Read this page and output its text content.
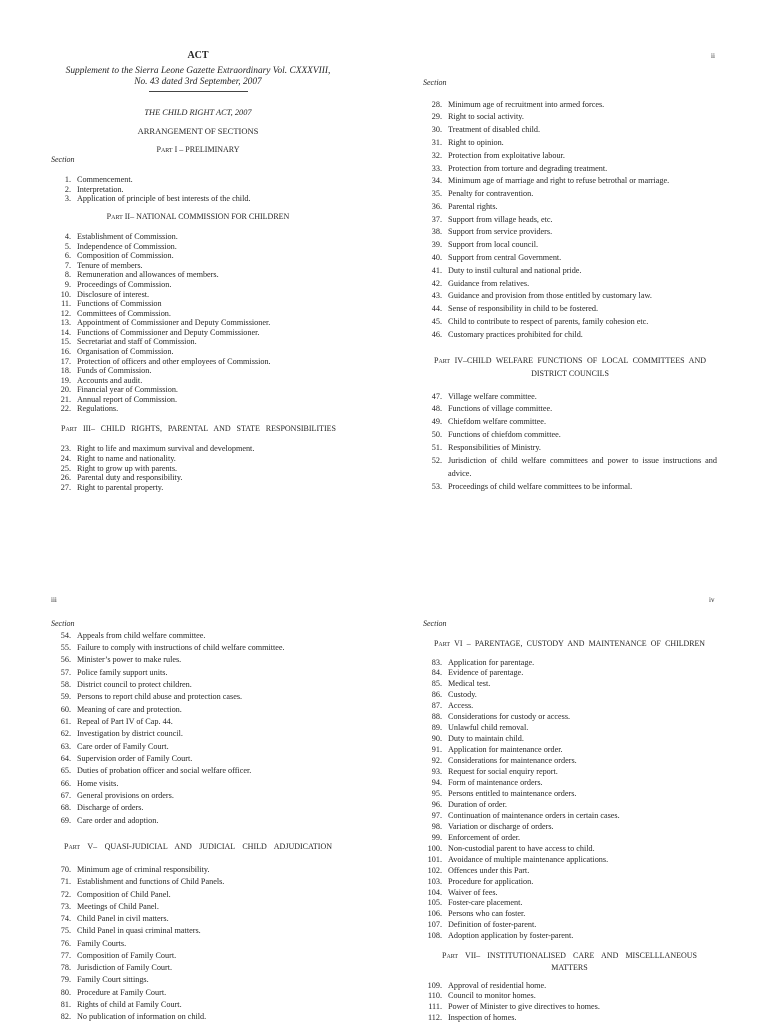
ACT
Supplement to the Sierra Leone Gazette Extraordinary Vol. CXXXVIII,
No. 43 dated 3rd September, 2007
THE CHILD RIGHT ACT, 2007
ARRANGEMENT OF SECTIONS
Part I – PRELIMINARY
Section
1. Commencement.
2. Interpretation.
3. Application of principle of best interests of the child.
Part II– NATIONAL COMMISSION FOR CHILDREN
4. Establishment of Commission.
5. Independence of Commission.
6. Composition of Commission.
7. Tenure of members.
8. Remuneration and allowances of members.
9. Proceedings of Commission.
10. Disclosure of interest.
11. Functions of Commission
12. Committees of Commission.
13. Appointment of Commissioner and Deputy Commissioner.
14. Functions of Commissioner and Deputy Commissioner.
15. Secretariat and staff of Commission.
16. Organisation of Commission.
17. Protection of officers and other employees of Commission.
18. Funds of Commission.
19. Accounts and audit.
20. Financial year of Commission.
21. Annual report of Commission.
22. Regulations.
Part III– CHILD RIGHTS, PARENTAL AND STATE RESPONSIBILITIES
23. Right to life and maximum survival and development.
24. Right to name and nationality.
25. Right to grow up with parents.
26. Parental duty and responsibility.
27. Right to parental property.
ii
Section
28. Minimum age of recruitment into armed forces.
29. Right to social activity.
30. Treatment of disabled child.
31. Right to opinion.
32. Protection from exploitative labour.
33. Protection from torture and degrading treatment.
34. Minimum age of marriage and right to refuse betrothal or marriage.
35. Penalty for contravention.
36. Parental rights.
37. Support from village heads, etc.
38. Support from service providers.
39. Support from local council.
40. Support from central Government.
41. Duty to instil cultural and national pride.
42. Guidance from relatives.
43. Guidance and provision from those entitled by customary law.
44. Sense of responsibility in child to be fostered.
45. Child to contribute to respect of parents, family cohesion etc.
46. Customary practices prohibited for child.
Part IV–CHILD WELFARE FUNCTIONS OF LOCAL COMMITTEES AND DISTRICT COUNCILS
47. Village welfare committee.
48. Functions of village committee.
49. Chiefdom welfare committee.
50. Functions of chiefdom committee.
51. Responsibilities of Ministry.
52. Jurisdiction of child welfare committees and power to issue instructions and advice.
53. Proceedings of child welfare committees to be informal.
iii
Section
54. Appeals from child welfare committee.
55. Failure to comply with instructions of child welfare committee.
56. Minister’s power to make rules.
57. Police family support units.
58. District council to protect children.
59. Persons to report child abuse and protection cases.
60. Meaning of care and protection.
61. Repeal of Part IV of Cap. 44.
62. Investigation by district council.
63. Care order of Family Court.
64. Supervision order of Family Court.
65. Duties of probation officer and social welfare officer.
66. Home visits.
67. General provisions on orders.
68. Discharge of orders.
69. Care order and adoption.
Part V– QUASI-JUDICIAL AND JUDICIAL CHILD ADJUDICATION
70. Minimum age of criminal responsibility.
71. Establishment and functions of Child Panels.
72. Composition of Child Panel.
73. Meetings of Child Panel.
74. Child Panel in civil matters.
75. Child Panel in quasi criminal matters.
76. Family Courts.
77. Composition of Family Court.
78. Jurisdiction of Family Court.
79. Family Court sittings.
80. Procedure at Family Court.
81. Rights of child at Family Court.
82. No publication of information on child.
iv
Section
Part VI – PARENTAGE, CUSTODY AND MAINTENANCE OF CHILDREN
83. Application for parentage.
84. Evidence of parentage.
85. Medical test.
86. Custody.
87. Access.
88. Considerations for custody or access.
89. Unlawful child removal.
90. Duty to maintain child.
91. Application for maintenance order.
92. Considerations for maintenance orders.
93. Request for social enquiry report.
94. Form of maintenance orders.
95. Persons entitled to maintenance orders.
96. Duration of order.
97. Continuation of maintenance orders in certain cases.
98. Variation or discharge of orders.
99. Enforcement of order.
100. Non-custodial parent to have access to child.
101. Avoidance of multiple maintenance applications.
102. Offences under this Part.
103. Procedure for application.
104. Waiver of fees.
105. Foster-care placement.
106. Persons who can foster.
107. Definition of foster-parent.
108. Adoption application by foster-parent.
Part VII– INSTITUTIONALISED CARE AND MISCELLLANEOUS MATTERS
109. Approval of residential home.
110. Council to monitor homes.
111. Power of Minister to give directives to homes.
112. Inspection of homes.
